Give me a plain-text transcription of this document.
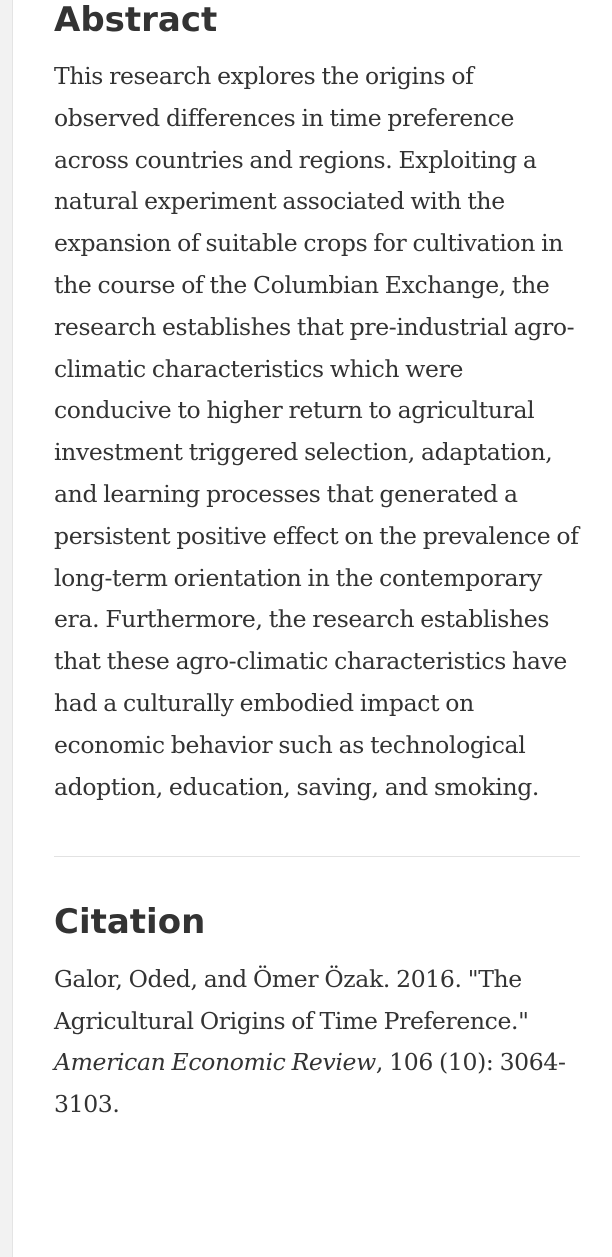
Abstract

This research explores the origins of observed differences in time preference across countries and regions. Exploiting a natural experiment associated with the expansion of suitable crops for cultivation in the course of the Columbian Exchange, the research establishes that pre-industrial agro-climatic characteristics which were conducive to higher return to agricultural investment triggered selection, adaptation, and learning processes that generated a persistent positive effect on the prevalence of long-term orientation in the contemporary era. Furthermore, the research establishes that these agro-climatic characteristics have had a culturally embodied impact on economic behavior such as technological adoption, education, saving, and smoking.

Citation

Galor, Oded, and Ömer Özak. 2016. "The Agricultural Origins of Time Preference." American Economic Review, 106 (10): 3064-3103.
